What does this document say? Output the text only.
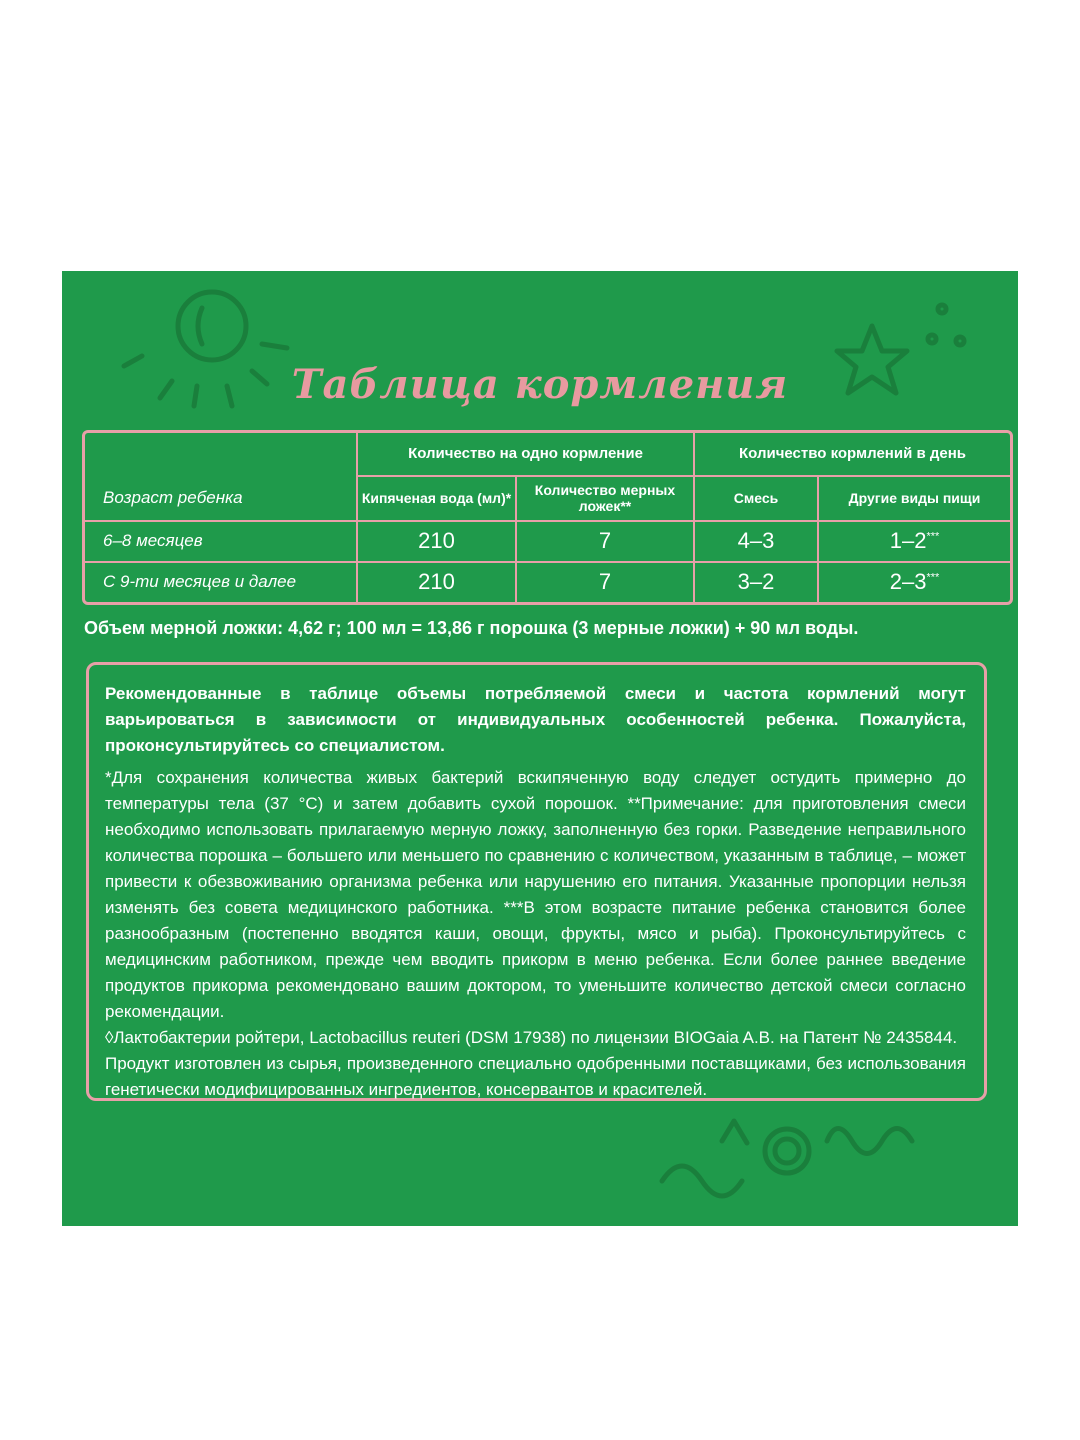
Таблица кормления
Возраст ребенка	Количество на одно кормление		Количество кормлений в день	
	Кипяченая вода (мл)*	Количество мерных ложек**	Смесь	Другие виды пищи
6–8 месяцев	210	7	4–3	1–2***
С 9-ти месяцев и далее	210	7	3–2	2–3***
Объем мерной ложки: 4,62 г; 100 мл = 13,86 г порошка (3 мерные ложки) + 90 мл воды.

Рекомендованные в таблице объемы потребляемой смеси и частота кормлений могут варьироваться в зависимости от индивидуальных особенностей ребенка. Пожалуйста, проконсультируйтесь со специалистом.

*Для сохранения количества живых бактерий вскипяченную воду следует остудить примерно до температуры тела (37 °C) и затем добавить сухой порошок. **Примечание: для приготовления смеси необходимо использовать прилагаемую мерную ложку, заполненную без горки. Разведение неправильного количества порошка – большего или меньшего по сравнению с количеством, указанным в таблице, – может привести к обезвоживанию организма ребенка или нарушению его питания. Указанные пропорции нельзя изменять без совета медицинского работника. ***В этом возрасте питание ребенка становится более разнообразным (постепенно вводятся каши, овощи, фрукты, мясо и рыба). Проконсультируйтесь с медицинским работником, прежде чем вводить прикорм в меню ребенка. Если более раннее введение продуктов прикорма рекомендовано вашим доктором, то уменьшите количество детской смеси согласно рекомендации.

◊Лактобактерии ройтери, Lactobacillus reuteri (DSM 17938) по лицензии BIOGaia A.B. на Патент № 2435844.

Продукт изготовлен из сырья, произведенного специально одобренными поставщиками, без использования генетически модифицированных ингредиентов, консервантов и красителей.
